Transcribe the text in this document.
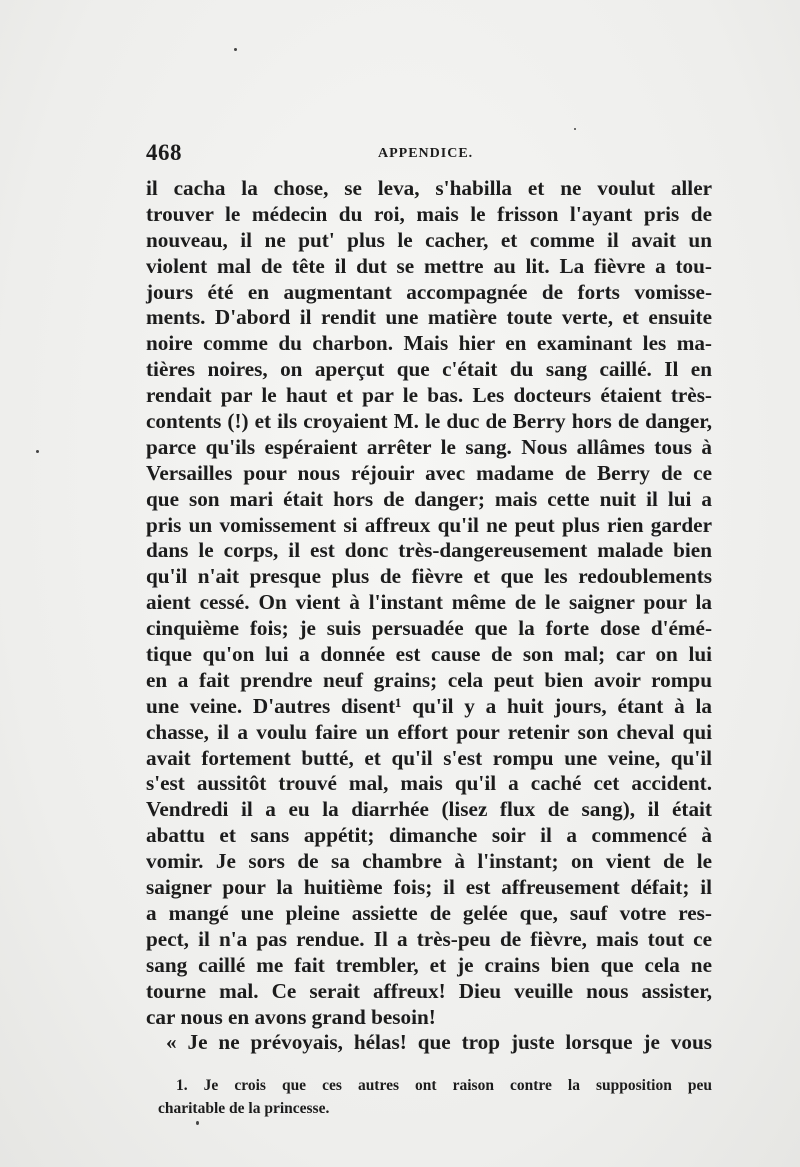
468	APPENDICE.
il cacha la chose, se leva, s'habilla et ne voulut aller
trouver le médecin du roi, mais le frisson l'ayant pris de
nouveau, il ne put' plus le cacher, et comme il avait un
violent mal de tête il dut se mettre au lit. La fièvre a tou-
jours été en augmentant accompagnée de forts vomisse-
ments. D'abord il rendit une matière toute verte, et ensuite
noire comme du charbon. Mais hier en examinant les ma-
tières noires, on aperçut que c'était du sang caillé. Il en
rendait par le haut et par le bas. Les docteurs étaient très-
contents (!) et ils croyaient M. le duc de Berry hors de danger,
parce qu'ils espéraient arrêter le sang. Nous allâmes tous à
Versailles pour nous réjouir avec madame de Berry de ce
que son mari était hors de danger; mais cette nuit il lui a
pris un vomissement si affreux qu'il ne peut plus rien garder
dans le corps, il est donc très-dangereusement malade bien
qu'il n'ait presque plus de fièvre et que les redoublements
aient cessé. On vient à l'instant même de le saigner pour la
cinquième fois; je suis persuadée que la forte dose d'émé-
tique qu'on lui a donnée est cause de son mal; car on lui
en a fait prendre neuf grains; cela peut bien avoir rompu
une veine. D'autres disent¹ qu'il y a huit jours, étant à la
chasse, il a voulu faire un effort pour retenir son cheval qui
avait fortement butté, et qu'il s'est rompu une veine, qu'il
s'est aussitôt trouvé mal, mais qu'il a caché cet accident.
Vendredi il a eu la diarrhée (lisez flux de sang), il était
abattu et sans appétit; dimanche soir il a commencé à
vomir. Je sors de sa chambre à l'instant; on vient de le
saigner pour la huitième fois; il est affreusement défait; il
a mangé une pleine assiette de gelée que, sauf votre res-
pect, il n'a pas rendue. Il a très-peu de fièvre, mais tout ce
sang caillé me fait trembler, et je crains bien que cela ne
tourne mal. Ce serait affreux! Dieu veuille nous assister,
car nous en avons grand besoin!
« Je ne prévoyais, hélas! que trop juste lorsque je vous
1. Je crois que ces autres ont raison contre la supposition peu
charitable de la princesse.
